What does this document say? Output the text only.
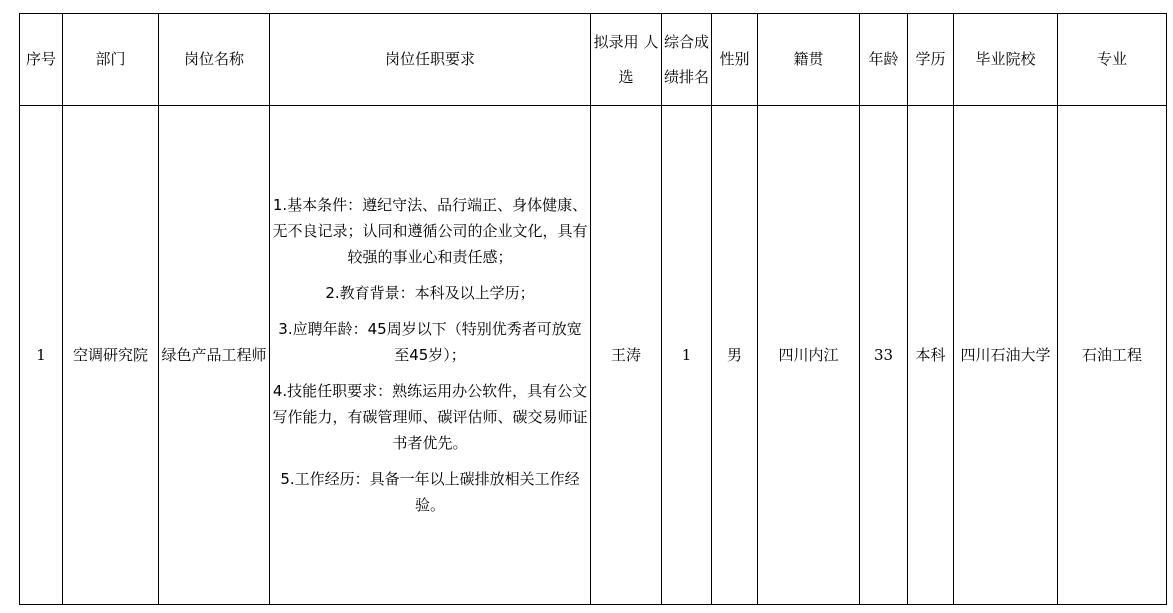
序号	部门	岗位名称	岗位任职要求	拟录用 人选	综合成绩排名	性别	籍贯	年龄	学历	毕业院校	专业

1	空调研究院	绿色产品工程师	1.基本条件：遵纪守法、品行端正、身体健康、无不良记录；认同和遵循公司的企业文化，具有较强的事业心和责任感；
2.教育背景：本科及以上学历；
3.应聘年龄：45周岁以下（特别优秀者可放宽至45岁）；
4.技能任职要求：熟练运用办公软件，具有公文写作能力，有碳管理师、碳评估师、碳交易师证书者优先。
5.工作经历：具备一年以上碳排放相关工作经验。	王涛	1	男	四川内江	33	本科	四川石油大学	石油工程
